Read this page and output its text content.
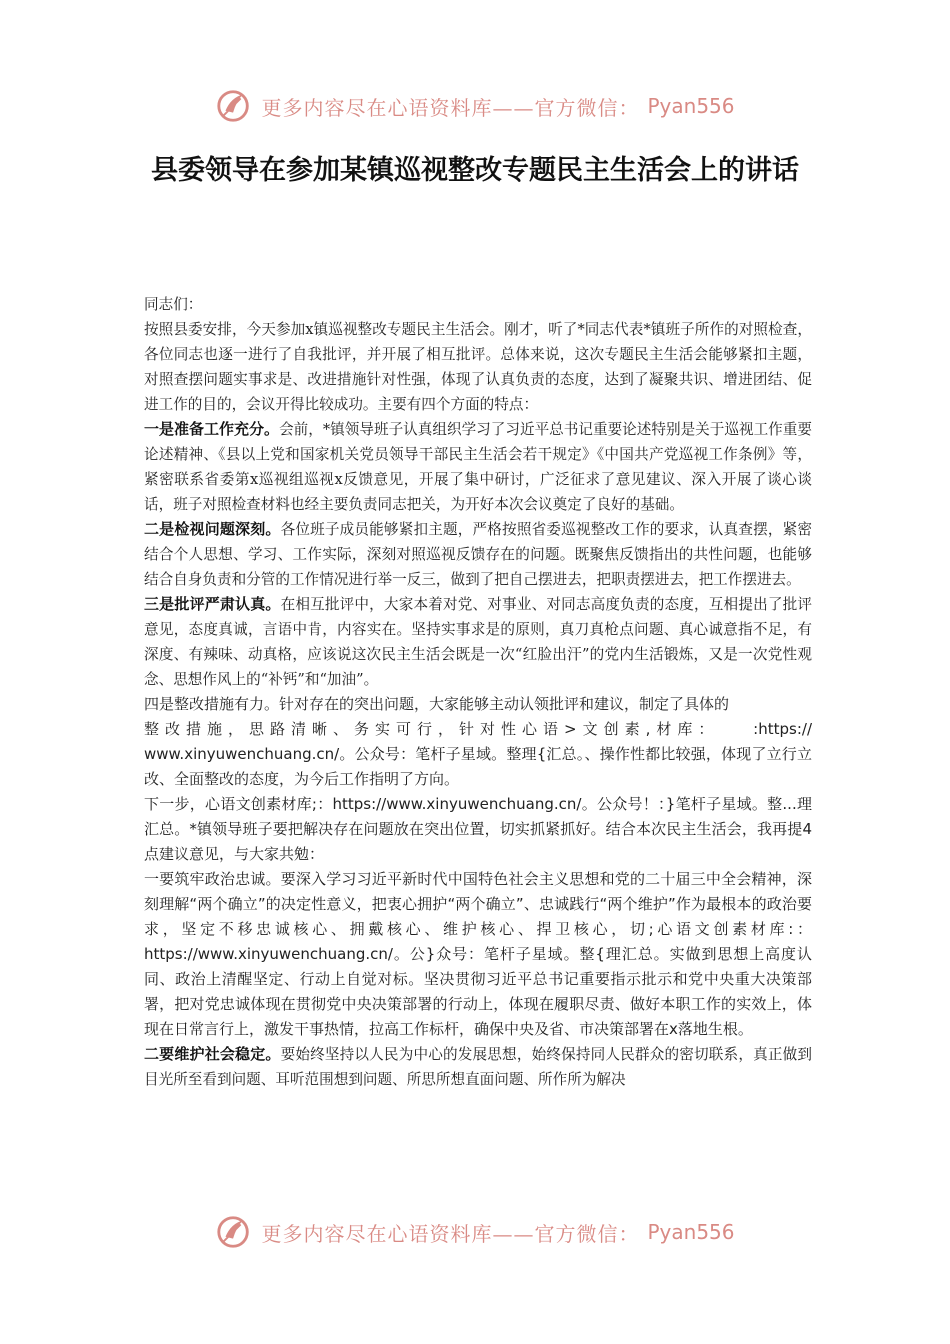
更多内容尽在心语资料库——官方微信： Pyan556
县委领导在参加某镇巡视整改专题民主生活会上的讲话

同志们：

按照县委安排，今天参加x镇巡视整改专题民主生活会。刚才，听了*同志代表*镇班子所作的对照检查，各位同志也逐一进行了自我批评，并开展了相互批评。总体来说，这次专题民主生活会能够紧扣主题，对照查摆问题实事求是、改进措施针对性强，体现了认真负责的态度，达到了凝聚共识、增进团结、促进工作的目的，会议开得比较成功。主要有四个方面的特点：

一是准备工作充分。会前，*镇领导班子认真组织学习了习近平总书记重要论述特别是关于巡视工作重要论述精神、《县以上党和国家机关党员领导干部民主生活会若干规定》《中国共产党巡视工作条例》等，紧密联系省委第x巡视组巡视x反馈意见，开展了集中研讨，广泛征求了意见建议、深入开展了谈心谈话，班子对照检查材料也经主要负责同志把关，为开好本次会议奠定了良好的基础。

二是检视问题深刻。各位班子成员能够紧扣主题，严格按照省委巡视整改工作的要求，认真查摆，紧密结合个人思想、学习、工作实际，深刻对照巡视反馈存在的问题。既聚焦反馈指出的共性问题，也能够结合自身负责和分管的工作情况进行举一反三，做到了把自己摆进去，把职责摆进去，把工作摆进去。

三是批评严肃认真。在相互批评中，大家本着对党、对事业、对同志高度负责的态度，互相提出了批评意见，态度真诚，言语中肯，内容实在。坚持实事求是的原则，真刀真枪点问题、真心诚意指不足，有深度、有辣味、动真格，应该说这次民主生活会既是一次“红脸出汗”的党内生活锻炼，又是一次党性观念、思想作风上的“补钙”和“加油”。

四是整改措施有力。针对存在的突出问题，大家能够主动认领批评和建议，制定了具体的

整改措施，思路清晰、务实可行，针对性心语>文创素,材库： :https://

www.xinyuwenchuang.cn/。公众号：笔杆子星域。整理{汇总。、操作性都比较强，体现了立行立改、全面整改的态度，为今后工作指明了方向。

下一步，心语文创素材库;：https://www.xinyuwenchuang.cn/。公众号！：}笔杆子星域。整...理汇总。*镇领导班子要把解决存在问题放在突出位置，切实抓紧抓好。结合本次民主生活会，我再提4点建议意见，与大家共勉：

一要筑牢政治忠诚。要深入学习习近平新时代中国特色社会主义思想和党的二十届三中全会精神，深刻理解“两个确立”的决定性意义，把衷心拥护“两个确立”、忠诚践行“两个维护”作为最根本的政治要求，坚定不移忠诚核心、拥戴核心、维护核心、捍卫核心，切;心语文创素材库:：https://www.xinyuwenchuang.cn/。公}众号：笔杆子星域。整{理汇总。实做到思想上高度认同、政治上清醒坚定、行动上自觉对标。坚决贯彻习近平总书记重要指示批示和党中央重大决策部署，把对党忠诚体现在贯彻党中央决策部署的行动上，体现在履职尽责、做好本职工作的实效上，体现在日常言行上，激发干事热情，拉高工作标杆，确保中央及省、市决策部署在x落地生根。

二要维护社会稳定。要始终坚持以人民为中心的发展思想，始终保持同人民群众的密切联系，真正做到目光所至看到问题、耳听范围想到问题、所思所想直面问题、所作所为解决

更多内容尽在心语资料库——官方微信： Pyan556
